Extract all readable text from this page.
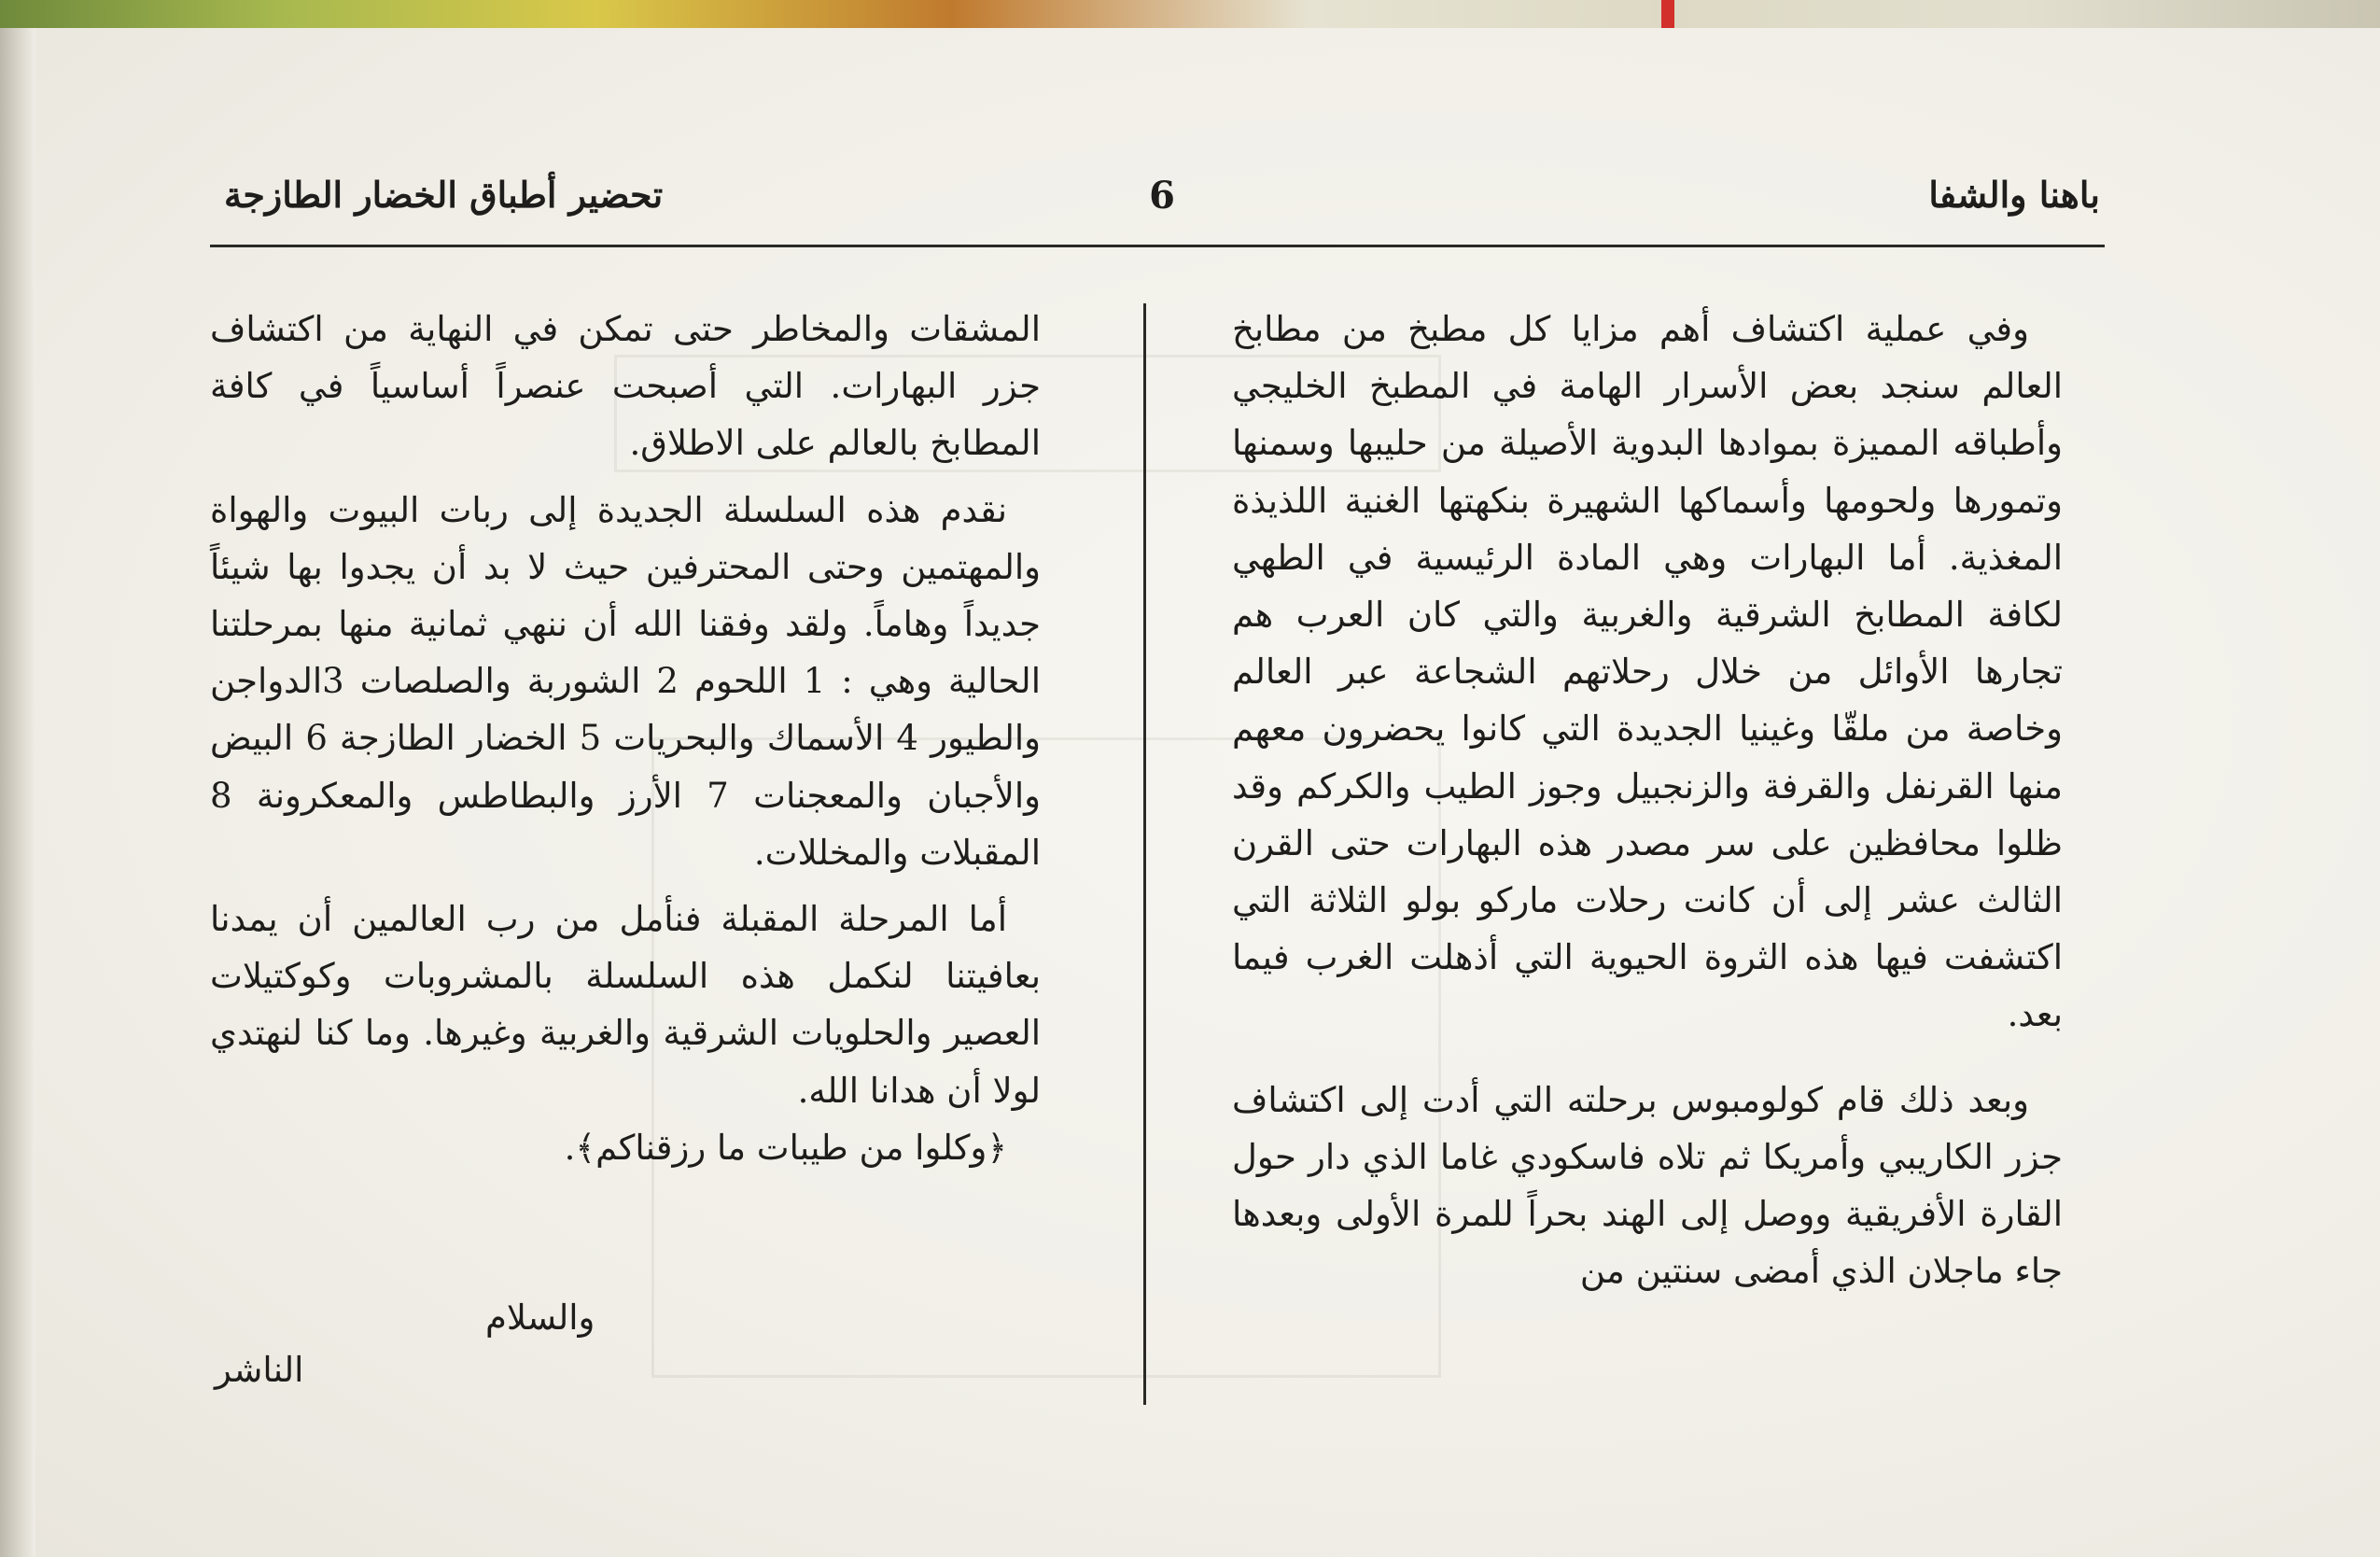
تحضير أطباق الخضار الطازجة	6	باهنا والشفا

وفي عملية اكتشاف أهم مزايا كل مطبخ من مطابخ العالم سنجد بعض الأسرار الهامة في المطبخ الخليجي وأطباقه المميزة بموادها البدوية الأصيلة من حليبها وسمنها وتمورها ولحومها وأسماكها الشهيرة بنكهتها الغنية اللذيذة المغذية. أما البهارات وهي المادة الرئيسية في الطهي لكافة المطابخ الشرقية والغربية والتي كان العرب هم تجارها الأوائل من خلال رحلاتهم الشجاعة عبر العالم وخاصة من ملقّا وغينيا الجديدة التي كانوا يحضرون معهم منها القرنفل والقرفة والزنجبيل وجوز الطيب والكركم وقد ظلوا محافظين على سر مصدر هذه البهارات حتى القرن الثالث عشر إلى أن كانت رحلات ماركو بولو الثلاثة التي اكتشفت فيها هذه الثروة الحيوية التي أذهلت الغرب فيما بعد.

وبعد ذلك قام كولومبوس برحلته التي أدت إلى اكتشاف جزر الكاريبي وأمريكا ثم تلاه فاسكودي غاما الذي دار حول القارة الأفريقية ووصل إلى الهند بحراً للمرة الأولى وبعدها جاء ماجلان الذي أمضى سنتين من

المشقات والمخاطر حتى تمكن في النهاية من اكتشاف جزر البهارات. التي أصبحت عنصراً أساسياً في كافة المطابخ بالعالم على الاطلاق.

نقدم هذه السلسلة الجديدة إلى ربات البيوت والهواة والمهتمين وحتى المحترفين حيث لا بد أن يجدوا بها شيئاً جديداً وهاماً. ولقد وفقنا الله أن ننهي ثمانية منها بمرحلتنا الحالية وهي : 1 اللحوم 2 الشوربة والصلصات 3الدواجن والطيور 4 الأسماك والبحريات 5 الخضار الطازجة 6 البيض والأجبان والمعجنات 7 الأرز والبطاطس والمعكرونة 8 المقبلات والمخللات.

أما المرحلة المقبلة فنأمل من رب العالمين أن يمدنا بعافيتنا لنكمل هذه السلسلة بالمشروبات وكوكتيلات العصير والحلويات الشرقية والغربية وغيرها. وما كنا لنهتدي لولا أن هدانا الله.

﴿وكلوا من طيبات ما رزقناكم﴾.

والسلام
الناشر
